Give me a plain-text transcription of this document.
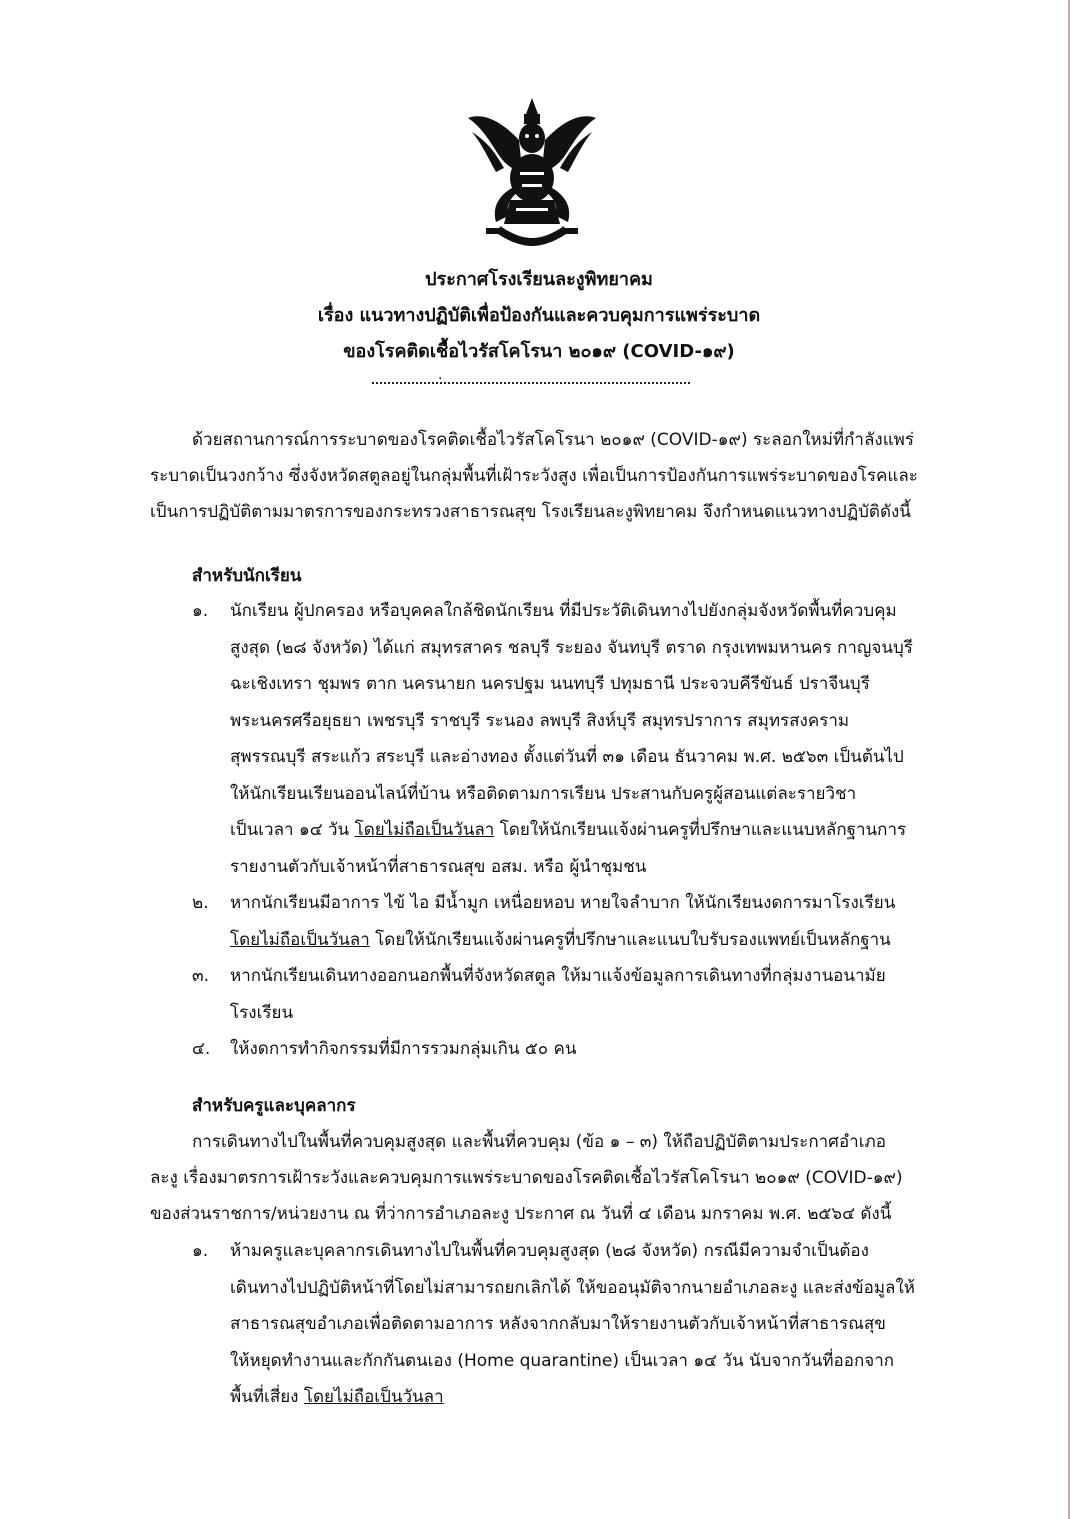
ประกาศโรงเรียนละงูพิทยาคม
เรื่อง แนวทางปฏิบัติเพื่อป้องกันและควบคุมการแพร่ระบาด
ของโรคติดเชื้อไวรัสโคโรนา ๒๐๑๙ (COVID-๑๙)
.
ด้วยสถานการณ์การระบาดของโรคติดเชื้อไวรัสโคโรนา ๒๐๑๙ (COVID-๑๙) ระลอกใหม่ที่กำลังแพร่
ระบาดเป็นวงกว้าง ซึ่งจังหวัดสตูลอยู่ในกลุ่มพื้นที่เฝ้าระวังสูง เพื่อเป็นการป้องกันการแพร่ระบาดของโรคและ
เป็นการปฏิบัติตามมาตรการของกระทรวงสาธารณสุข โรงเรียนละงูพิทยาคม จึงกำหนดแนวทางปฏิบัติดังนี้
สำหรับนักเรียน
๑.	นักเรียน ผู้ปกครอง หรือบุคคลใกล้ชิดนักเรียน ที่มีประวัติเดินทางไปยังกลุ่มจังหวัดพื้นที่ควบคุม
สูงสุด (๒๘ จังหวัด) ได้แก่ สมุทรสาคร ชลบุรี ระยอง จันทบุรี ตราด กรุงเทพมหานคร กาญจนบุรี
ฉะเชิงเทรา ชุมพร ตาก นครนายก นครปฐม นนทบุรี ปทุมธานี ประจวบคีรีขันธ์ ปราจีนบุรี
พระนครศรีอยุธยา เพชรบุรี ราชบุรี ระนอง ลพบุรี สิงห์บุรี สมุทรปราการ สมุทรสงคราม
สุพรรณบุรี สระแก้ว สระบุรี และอ่างทอง ตั้งแต่วันที่ ๓๑ เดือน ธันวาคม พ.ศ. ๒๕๖๓ เป็นต้นไป
ให้นักเรียนเรียนออนไลน์ที่บ้าน หรือติดตามการเรียน ประสานกับครูผู้สอนแต่ละรายวิชา
เป็นเวลา ๑๔ วัน โดยไม่ถือเป็นวันลา โดยให้นักเรียนแจ้งผ่านครูที่ปรึกษาและแนบหลักฐานการ
รายงานตัวกับเจ้าหน้าที่สาธารณสุข อสม. หรือ ผู้นำชุมชน
๒.	หากนักเรียนมีอาการ ไข้ ไอ มีน้ำมูก เหนื่อยหอบ หายใจลำบาก ให้นักเรียนงดการมาโรงเรียน
โดยไม่ถือเป็นวันลา โดยให้นักเรียนแจ้งผ่านครูที่ปรึกษาและแนบใบรับรองแพทย์เป็นหลักฐาน
๓.	หากนักเรียนเดินทางออกนอกพื้นที่จังหวัดสตูล ให้มาแจ้งข้อมูลการเดินทางที่กลุ่มงานอนามัย
โรงเรียน
๔.	ให้งดการทำกิจกรรมที่มีการรวมกลุ่มเกิน ๕๐ คน
สำหรับครูและบุคลากร
การเดินทางไปในพื้นที่ควบคุมสูงสุด และพื้นที่ควบคุม (ข้อ ๑ – ๓) ให้ถือปฏิบัติตามประกาศอำเภอ
ละงู เรื่องมาตรการเฝ้าระวังและควบคุมการแพร่ระบาดของโรคติดเชื้อไวรัสโคโรนา ๒๐๑๙ (COVID-๑๙)
ของส่วนราชการ/หน่วยงาน ณ ที่ว่าการอำเภอละงู ประกาศ ณ วันที่ ๔ เดือน มกราคม พ.ศ. ๒๕๖๔ ดังนี้
๑.	ห้ามครูและบุคลากรเดินทางไปในพื้นที่ควบคุมสูงสุด (๒๘ จังหวัด) กรณีมีความจำเป็นต้อง
เดินทางไปปฏิบัติหน้าที่โดยไม่สามารถยกเลิกได้ ให้ขออนุมัติจากนายอำเภอละงู และส่งข้อมูลให้
สาธารณสุขอำเภอเพื่อติดตามอาการ หลังจากกลับมาให้รายงานตัวกับเจ้าหน้าที่สาธารณสุข
ให้หยุดทำงานและกักกันตนเอง (Home quarantine) เป็นเวลา ๑๔ วัน นับจากวันที่ออกจาก
พื้นที่เสี่ยง โดยไม่ถือเป็นวันลา
